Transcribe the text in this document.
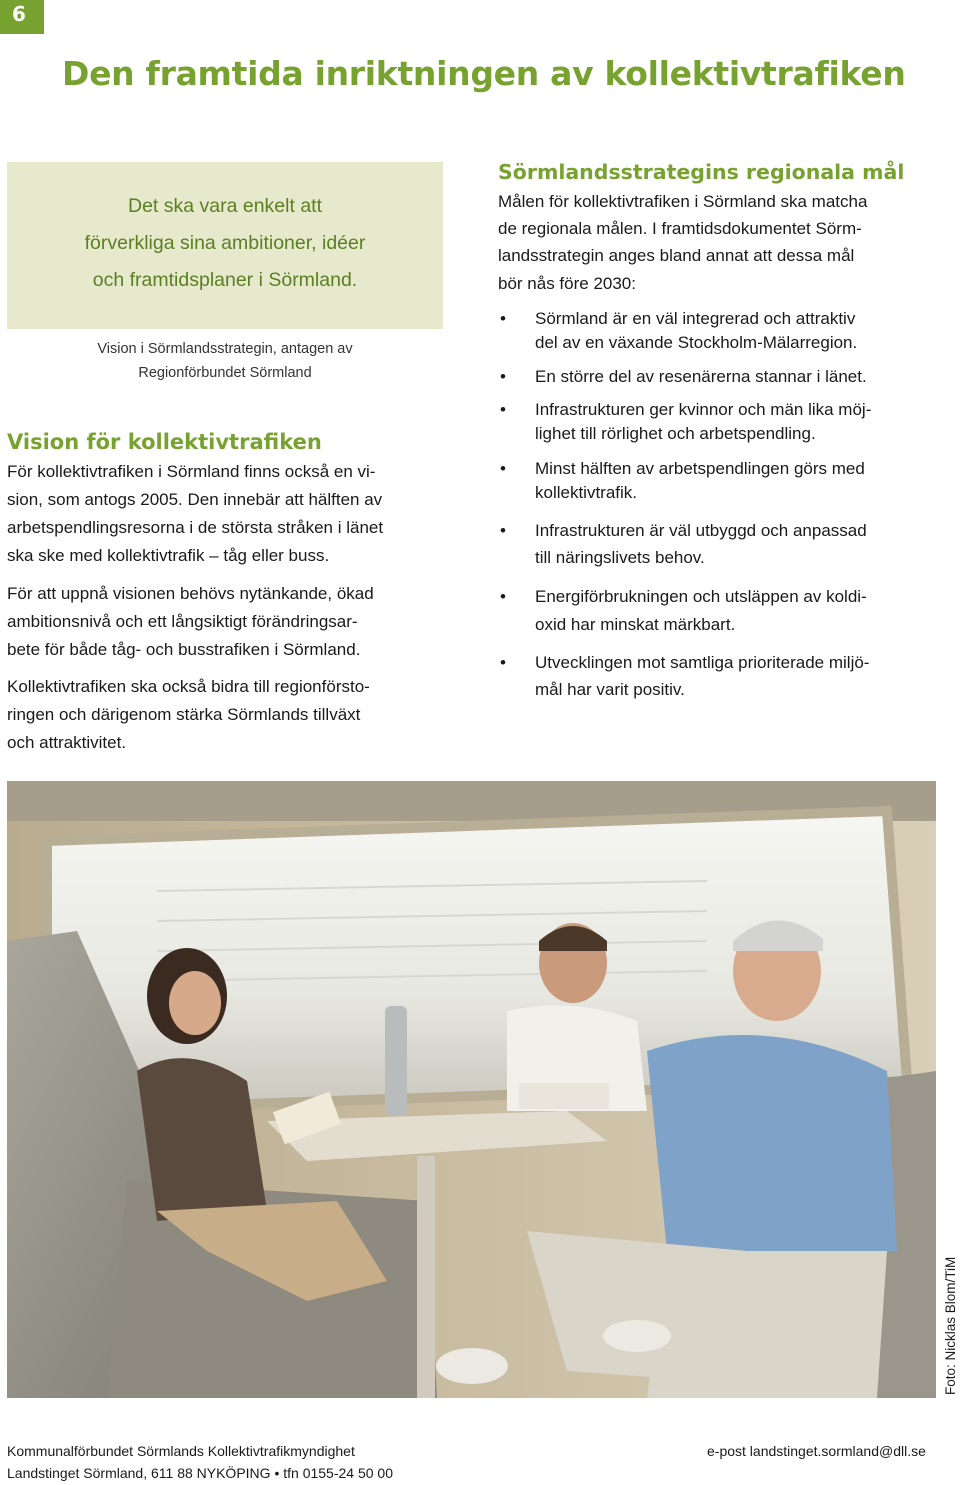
6
Den framtida inriktningen av kollektivtrafiken
Det ska vara enkelt att
förverkliga sina ambitioner, idéer
och framtidsplaner i Sörmland.
Vision i Sörmlandsstrategin, antagen av
Regionförbundet Sörmland
Vision för kollektivtrafiken
För kollektivtrafiken i Sörmland finns också en vi-
sion, som antogs 2005. Den innebär att hälften av
arbetspendlingsresorna i de största stråken i länet
ska ske med kollektivtrafik – tåg eller buss.
För att uppnå visionen behövs nytänkande, ökad
ambitionsnivå och ett långsiktigt förändringsar-
bete för både tåg- och busstrafiken i Sörmland.
Kollektivtrafiken ska också bidra till regionförsto-
ringen och därigenom stärka Sörmlands tillväxt
och attraktivitet.
Sörmlandsstrategins regionala mål
Målen för kollektivtrafiken i Sörmland ska matcha
de regionala målen. I framtidsdokumentet Sörm-
landsstrategin anges bland annat att dessa mål
bör nås före 2030:
• Sörmland är en väl integrerad och attraktiv
del av en växande Stockholm-Mälarregion.
• En större del av resenärerna stannar i länet.
• Infrastrukturen ger kvinnor och män lika möj-
lighet till rörlighet och arbetspendling.
• Minst hälften av arbetspendlingen görs med
kollektivtrafik.
• Infrastrukturen är väl utbyggd och anpassad
till näringslivets behov.
• Energiförbrukningen och utsläppen av koldi-
oxid har minskat märkbart.
• Utvecklingen mot samtliga prioriterade miljö-
mål har varit positiv.
Foto: Nicklas Blom/TiM
Kommunalförbundet Sörmlands Kollektivtrafikmyndighet
Landstinget Sörmland, 611 88 NYKÖPING • tfn 0155-24 50 00
e-post landstinget.sormland@dll.se
